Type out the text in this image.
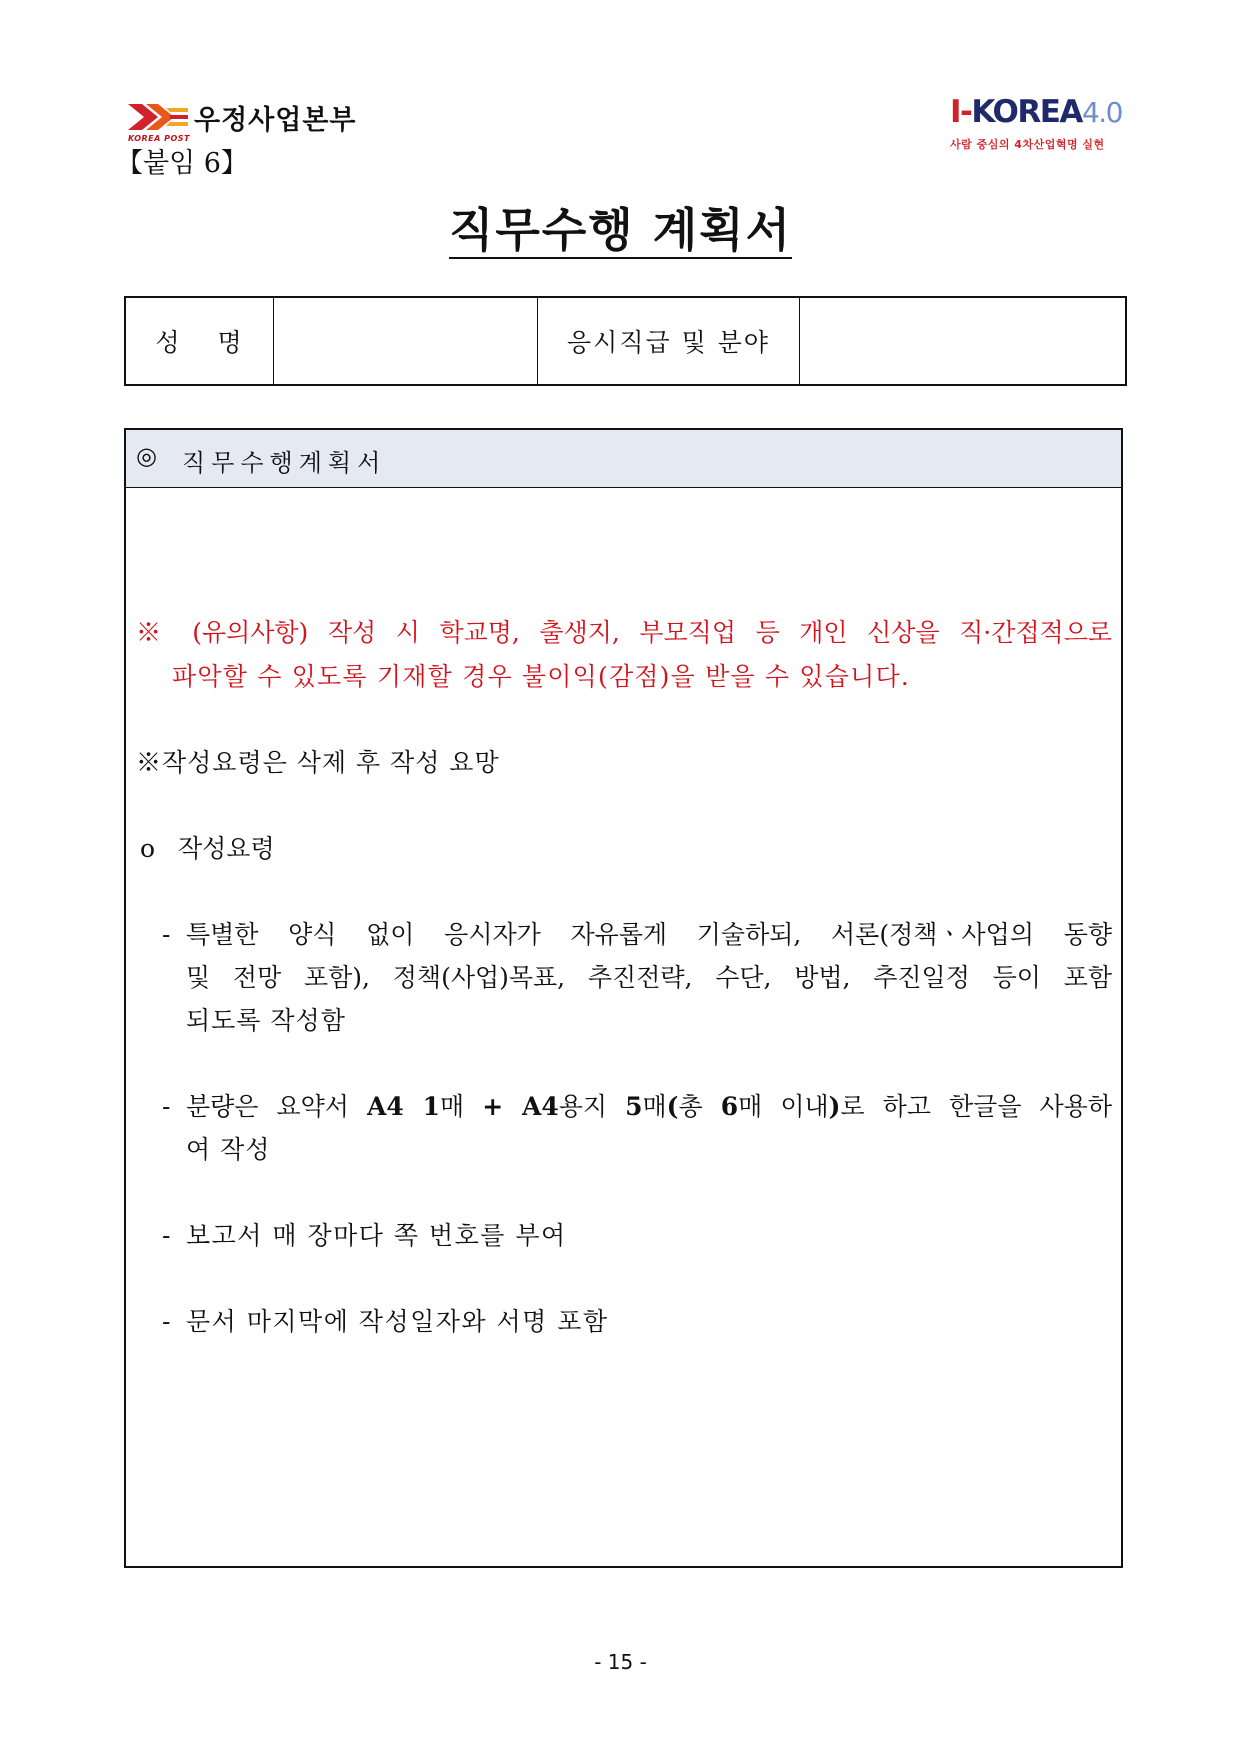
우정사업본부
KOREA POST
I-KOREA4.0
사람 중심의 4차산업혁명 실현
【붙임 6】
직무수행 계획서
성명	응시직급 및 분야
◎ 직무수행계획서
※ (유의사항) 작성 시 학교명, 출생지, 부모직업 등 개인 신상을 직·간접적으로
파악할 수 있도록 기재할 경우 불이익(감점)을 받을 수 있습니다.
※작성요령은 삭제 후 작성 요망
o 작성요령
- 특별한 양식 없이 응시자가 자유롭게 기술하되, 서론(정책ㆍ사업의 동향
및 전망 포함), 정책(사업)목표, 추진전략, 수단, 방법, 추진일정 등이 포함
되도록 작성함
- 분량은 요약서 A4 1매 + A4용지 5매(총 6매 이내)로 하고 한글을 사용하
여 작성
- 보고서 매 장마다 쪽 번호를 부여
- 문서 마지막에 작성일자와 서명 포함
- 15 -
